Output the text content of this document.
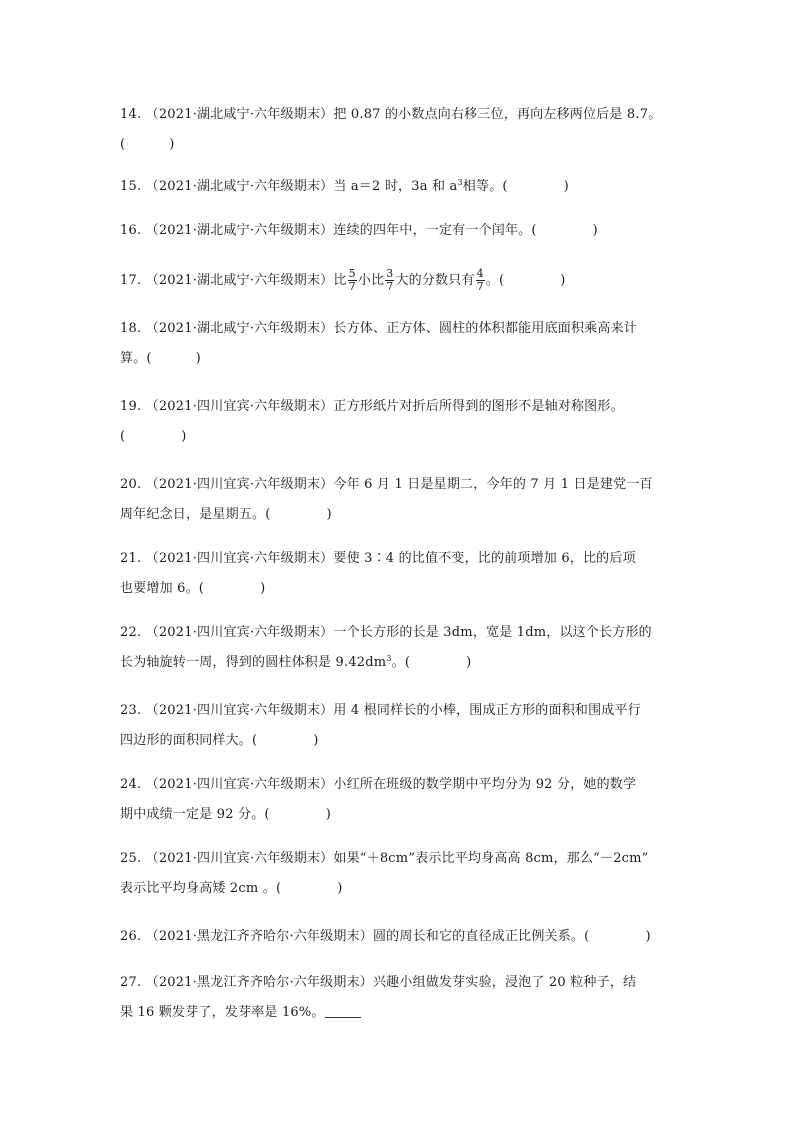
14. （2021·湖北咸宁·六年级期末）把 0.87 的小数点向右移三位，再向左移两位后是 8.7。
(	)
15. （2021·湖北咸宁·六年级期末）当 a＝2 时，3a 和 $a^3$相等。(	)
16. （2021·湖北咸宁·六年级期末）连续的四年中，一定有一个闰年。(	)
17. （2021·湖北咸宁·六年级期末）比 $\frac{5}{7}$ 小比 $\frac{3}{7}$ 大的分数只有 $\frac{4}{7}$ 。(	)
18. （2021·湖北咸宁·六年级期末）长方体、正方体、圆柱的体积都能用底面积乘高来计
算。(	)
19. （2021·四川宜宾·六年级期末）正方形纸片对折后所得到的图形不是轴对称图形。
(	)
20. （2021·四川宜宾·六年级期末）今年 6 月 1 日是星期二，今年的 7 月 1 日是建党一百
周年纪念日，是星期五。(	)
21. （2021·四川宜宾·六年级期末）要使 3∶4 的比值不变，比的前项增加 6，比的后项
也要增加 6。(	)
22. （2021·四川宜宾·六年级期末）一个长方形的长是 3dm，宽是 1dm，以这个长方形的
长为轴旋转一周，得到的圆柱体积是 $9.42dm^3$。(	)
23. （2021·四川宜宾·六年级期末）用 4 根同样长的小棒，围成正方形的面积和围成平行
四边形的面积同样大。(	)
24. （2021·四川宜宾·六年级期末）小红所在班级的数学期中平均分为 92 分，她的数学
期中成绩一定是 92 分。(	)
25. （2021·四川宜宾·六年级期末）如果“＋8cm”表示比平均身高高 8cm，那么“－2cm”
表示比平均身高矮 2cm 。(	)
26. （2021·黑龙江齐齐哈尔·六年级期末）圆的周长和它的直径成正比例关系。(	)
27. （2021·黑龙江齐齐哈尔·六年级期末）兴趣小组做发芽实验，浸泡了 20 粒种子，结
果 16 颗发芽了，发芽率是 16%。
